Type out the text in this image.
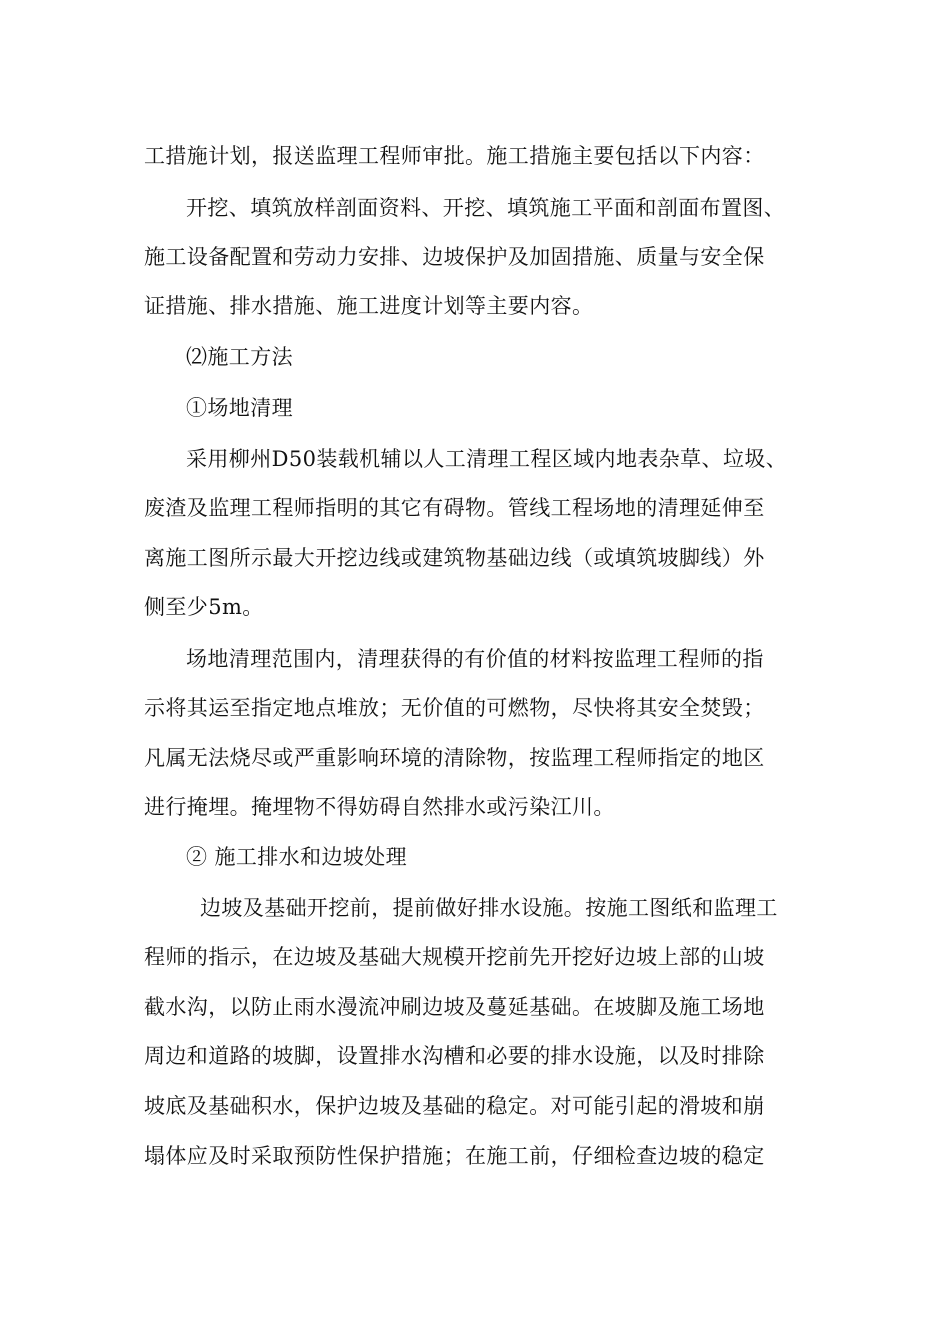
工措施计划，报送监理工程师审批。施工措施主要包括以下内容：
开挖、填筑放样剖面资料、开挖、填筑施工平面和剖面布置图、
施工设备配置和劳动力安排、边坡保护及加固措施、质量与安全保
证措施、排水措施、施工进度计划等主要内容。
⑵施工方法
①场地清理
采用柳州D50装载机辅以人工清理工程区域内地表杂草、垃圾、
废渣及监理工程师指明的其它有碍物。管线工程场地的清理延伸至
离施工图所示最大开挖边线或建筑物基础边线（或填筑坡脚线）外
侧至少5m。
场地清理范围内，清理获得的有价值的材料按监理工程师的指
示将其运至指定地点堆放；无价值的可燃物，尽快将其安全焚毁；
凡属无法烧尽或严重影响环境的清除物，按监理工程师指定的地区
进行掩埋。掩埋物不得妨碍自然排水或污染江川。
② 施工排水和边坡处理
边坡及基础开挖前，提前做好排水设施。按施工图纸和监理工
程师的指示，在边坡及基础大规模开挖前先开挖好边坡上部的山坡
截水沟，以防止雨水漫流冲刷边坡及蔓延基础。在坡脚及施工场地
周边和道路的坡脚，设置排水沟槽和必要的排水设施，以及时排除
坡底及基础积水，保护边坡及基础的稳定。对可能引起的滑坡和崩
塌体应及时采取预防性保护措施；在施工前，仔细检查边坡的稳定
